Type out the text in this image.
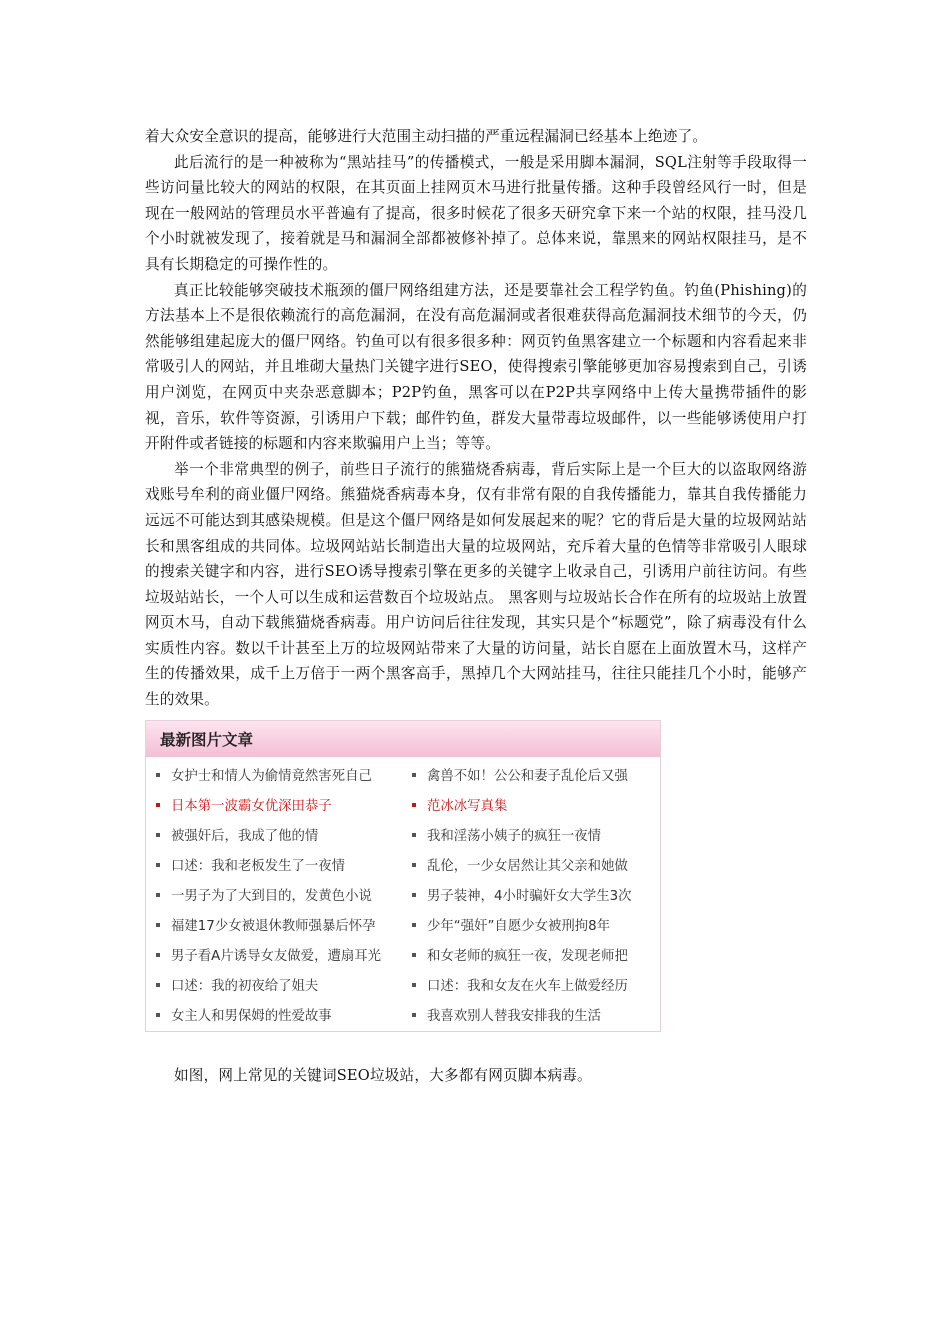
着大众安全意识的提高，能够进行大范围主动扫描的严重远程漏洞已经基本上绝迹了。

此后流行的是一种被称为“黑站挂马”的传播模式，一般是采用脚本漏洞，SQL注射等手段取得一些访问量比较大的网站的权限，在其页面上挂网页木马进行批量传播。这种手段曾经风行一时，但是现在一般网站的管理员水平普遍有了提高，很多时候花了很多天研究拿下来一个站的权限，挂马没几个小时就被发现了，接着就是马和漏洞全部都被修补掉了。总体来说，靠黑来的网站权限挂马，是不具有长期稳定的可操作性的。

真正比较能够突破技术瓶颈的僵尸网络组建方法，还是要靠社会工程学钓鱼。钓鱼(Phishing)的方法基本上不是很依赖流行的高危漏洞，在没有高危漏洞或者很难获得高危漏洞技术细节的今天，仍然能够组建起庞大的僵尸网络。钓鱼可以有很多很多种：网页钓鱼黑客建立一个标题和内容看起来非常吸引人的网站，并且堆砌大量热门关键字进行SEO，使得搜索引擎能够更加容易搜索到自己，引诱用户浏览，在网页中夹杂恶意脚本；P2P钓鱼，黑客可以在P2P共享网络中上传大量携带插件的影视，音乐，软件等资源，引诱用户下载；邮件钓鱼，群发大量带毒垃圾邮件，以一些能够诱使用户打开附件或者链接的标题和内容来欺骗用户上当；等等。

举一个非常典型的例子，前些日子流行的熊猫烧香病毒，背后实际上是一个巨大的以盗取网络游戏账号牟利的商业僵尸网络。熊猫烧香病毒本身，仅有非常有限的自我传播能力，靠其自我传播能力远远不可能达到其感染规模。但是这个僵尸网络是如何发展起来的呢？它的背后是大量的垃圾网站站长和黑客组成的共同体。垃圾网站站长制造出大量的垃圾网站，充斥着大量的色情等非常吸引人眼球的搜索关键字和内容，进行SEO诱导搜索引擎在更多的关键字上收录自己，引诱用户前往访问。有些垃圾站站长，一个人可以生成和运营数百个垃圾站点。 黑客则与垃圾站长合作在所有的垃圾站上放置网页木马，自动下载熊猫烧香病毒。用户访问后往往发现，其实只是个“标题党”，除了病毒没有什么实质性内容。数以千计甚至上万的垃圾网站带来了大量的访问量，站长自愿在上面放置木马，这样产生的传播效果，成千上万倍于一两个黑客高手，黑掉几个大网站挂马，往往只能挂几个小时，能够产生的效果。

最新图片文章
女护士和情人为偷情竟然害死自己	禽兽不如！公公和妻子乱伦后又强
日本第一波霸女优深田恭子	范冰冰写真集
被强奸后，我成了他的情	我和淫荡小姨子的疯狂一夜情
口述：我和老板发生了一夜情	乱伦，一少女居然让其父亲和她做
一男子为了大到目的，发黄色小说	男子装神，4小时骗奸女大学生3次
福建17少女被退休教师强暴后怀孕	少年“强奸”自愿少女被刑拘8年
男子看A片诱导女友做爱，遭扇耳光	和女老师的疯狂一夜，发现老师把
口述：我的初夜给了姐夫	口述：我和女友在火车上做爱经历
女主人和男保姆的性爱故事	我喜欢别人替我安排我的生活

如图，网上常见的关键词SEO垃圾站，大多都有网页脚本病毒。
